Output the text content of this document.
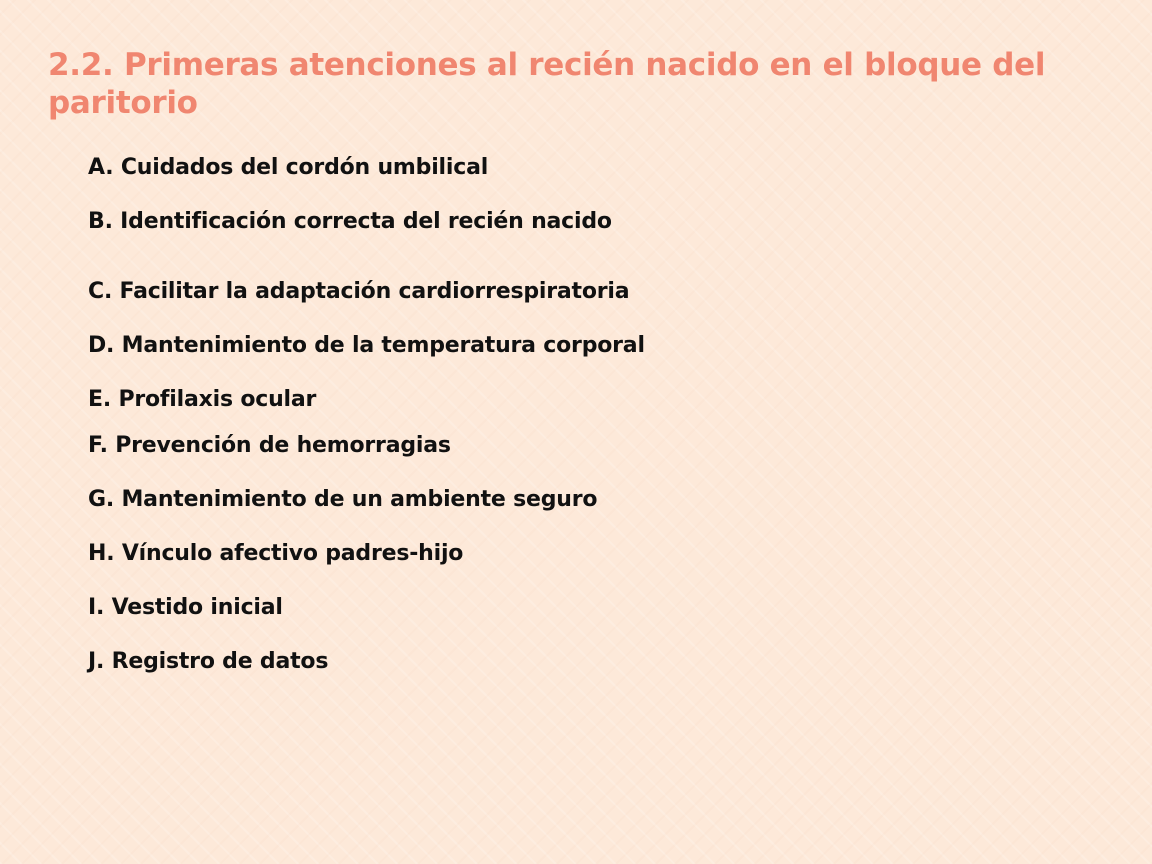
2.2. Primeras atenciones al recién nacido en el bloque del paritorio
A. Cuidados del cordón umbilical
B. Identificación correcta del recién nacido
C. Facilitar la adaptación cardiorrespiratoria
D. Mantenimiento de la temperatura corporal
E. Profilaxis ocular
F. Prevención de hemorragias
G. Mantenimiento de un ambiente seguro
H. Vínculo afectivo padres-hijo
I. Vestido inicial
J. Registro de datos
